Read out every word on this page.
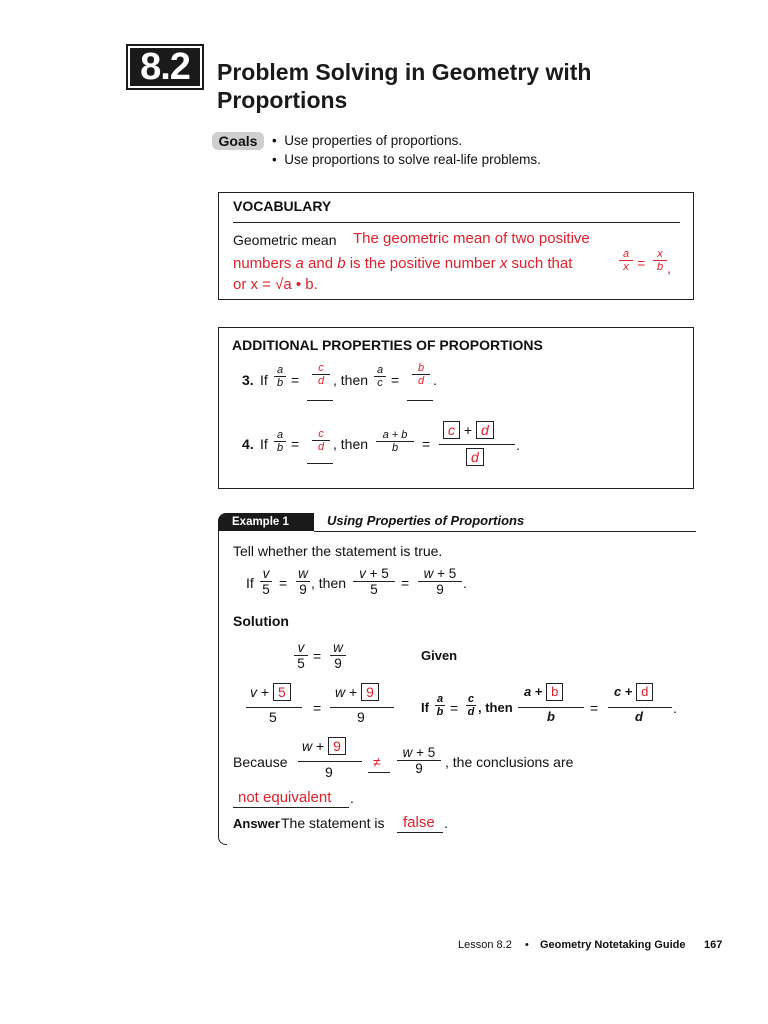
8.2	Problem Solving in Geometry with Proportions
Goals	•  Use properties of proportions.
•  Use proportions to solve real-life problems.
VOCABULARY
Geometric mean The geometric mean of two positive
numbers a and b is the positive number x such that
a
x =
x
b ,
or x = √a • b.
ADDITIONAL PROPERTIES OF PROPORTIONS
3. If
a
b =
c
d , then
a
c =
b
d .
4. If
a
b =
c
d , then
a + b
b =
c + d
d
.
Example 1	Using Properties of Proportions
Tell whether the statement is true.
If
v
5 =
w
9 , then
v + 5
5 =
w + 5
9 .
Solution
v
5 =
w
9
Given
v + 5
5
=
w + 9
9
If
a
b =
c
d , then
a + b
b
=
c + d
d
.
Because
w + 9
9
≠
w + 5
9 , the conclusions are
not equivalent .
Answer The statement is false .
Lesson 8.2 • Geometry Notetaking Guide 167
